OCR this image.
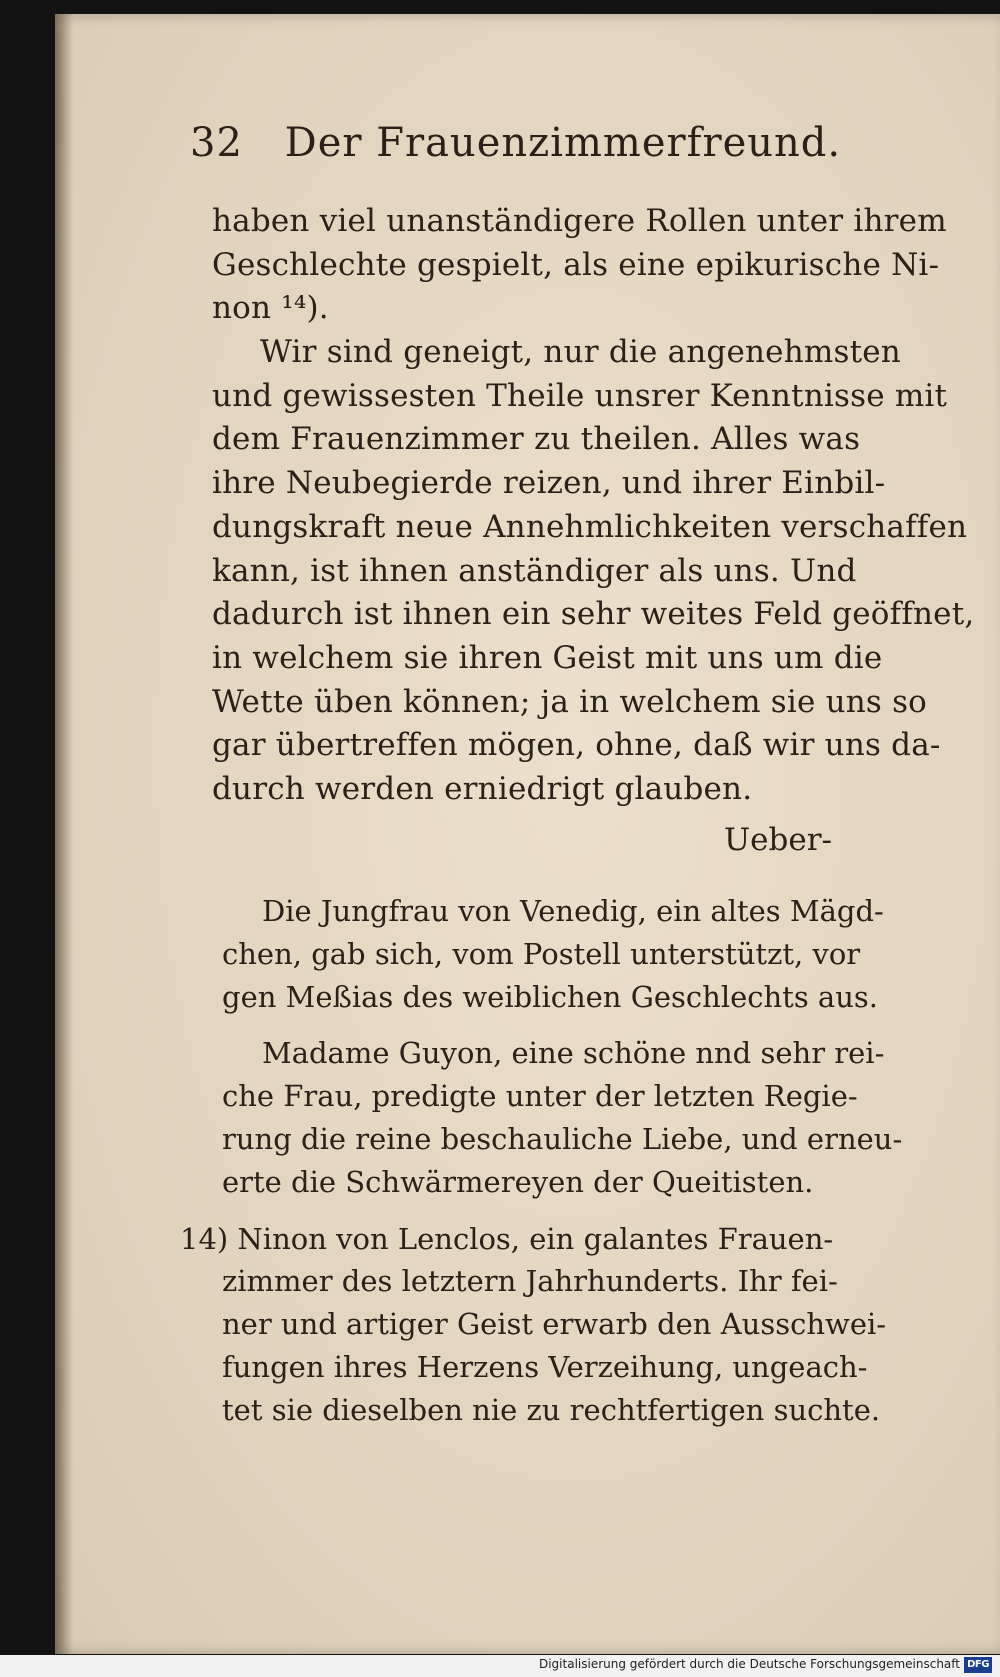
32 Der Frauenzimmerfreund.
haben viel unanständigere Rollen unter ihrem
Geschlechte gespielt, als eine epikurische Ni-
non ¹⁴).
Wir sind geneigt, nur die angenehmsten
und gewissesten Theile unsrer Kenntnisse mit
dem Frauenzimmer zu theilen. Alles was
ihre Neubegierde reizen, und ihrer Einbil-
dungskraft neue Annehmlichkeiten verschaffen
kann, ist ihnen anständiger als uns. Und
dadurch ist ihnen ein sehr weites Feld geöffnet,
in welchem sie ihren Geist mit uns um die
Wette üben können; ja in welchem sie uns so
gar übertreffen mögen, ohne, daß wir uns da-
durch werden erniedrigt glauben.
Ueber-
Die Jungfrau von Venedig, ein altes Mägd-
chen, gab sich, vom Postell unterstützt, vor
gen Meßias des weiblichen Geschlechts aus.
Madame Guyon, eine schöne nnd sehr rei-
che Frau, predigte unter der letzten Regie-
rung die reine beschauliche Liebe, und erneu-
erte die Schwärmereyen der Queitisten.
14) Ninon von Lenclos, ein galantes Frauen-
zimmer des letztern Jahrhunderts. Ihr fei-
ner und artiger Geist erwarb den Ausschwei-
fungen ihres Herzens Verzeihung, ungeach-
tet sie dieselben nie zu rechtfertigen suchte.
Digitalisierung gefördert durch die Deutsche Forschungsgemeinschaft DFG
